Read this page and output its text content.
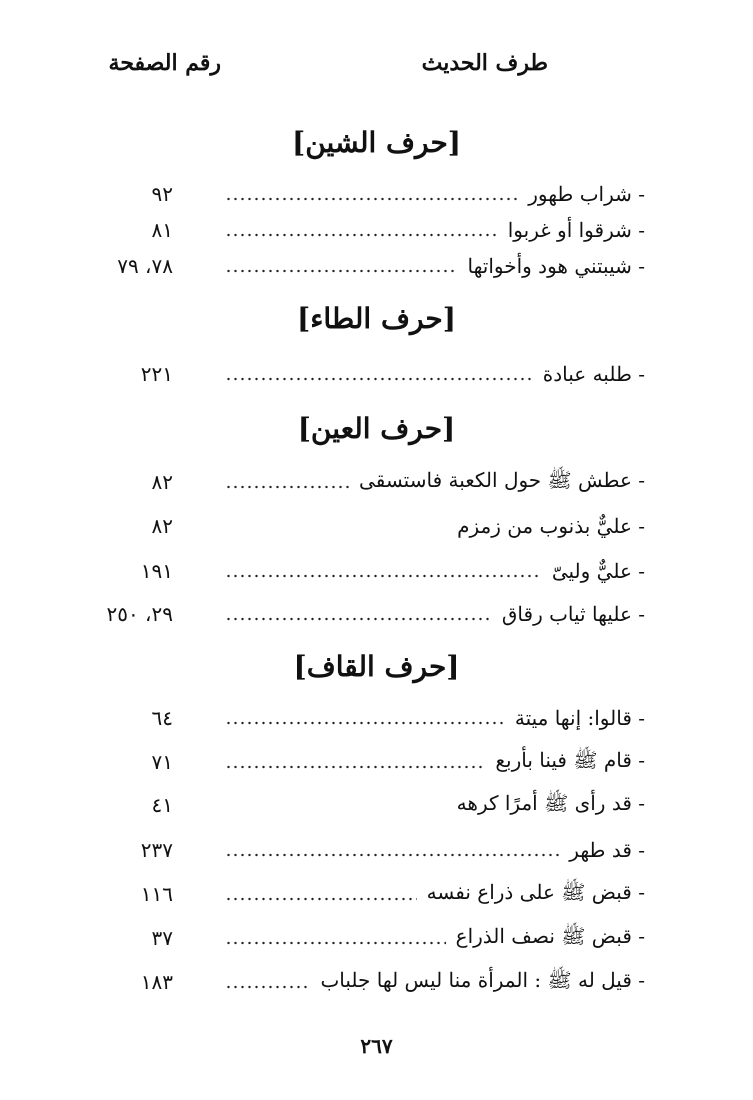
طرف الحديث
رقم الصفحة
[حرف الشين]
- شراب طهور
٩٢
- شرقوا أو غربوا
٨١
- شيبتني هود وأخواتها
٧٨، ٧٩
[حرف الطاء]
- طلبه عبادة
٢٢١
[حرف العين]
- عطش ﷺ حول الكعبة فاستسقى
٨٢
- عليٌّ بذنوب من زمزم
٨٢
- عليٌّ وليىّ
١٩١
- عليها ثياب رقاق
٢٩، ٢٥٠
[حرف القاف]
- قالوا: إنها ميتة
٦٤
- قام ﷺ فينا بأربع
٧١
- قد رأى ﷺ أمرًا كرهه
٤١
- قد طهر
٢٣٧
- قبض ﷺ على ذراع نفسه
١١٦
- قبض ﷺ نصف الذراع
٣٧
- قيل له ﷺ : المرأة منا ليس لها جلباب
١٨٣
٢٦٧
